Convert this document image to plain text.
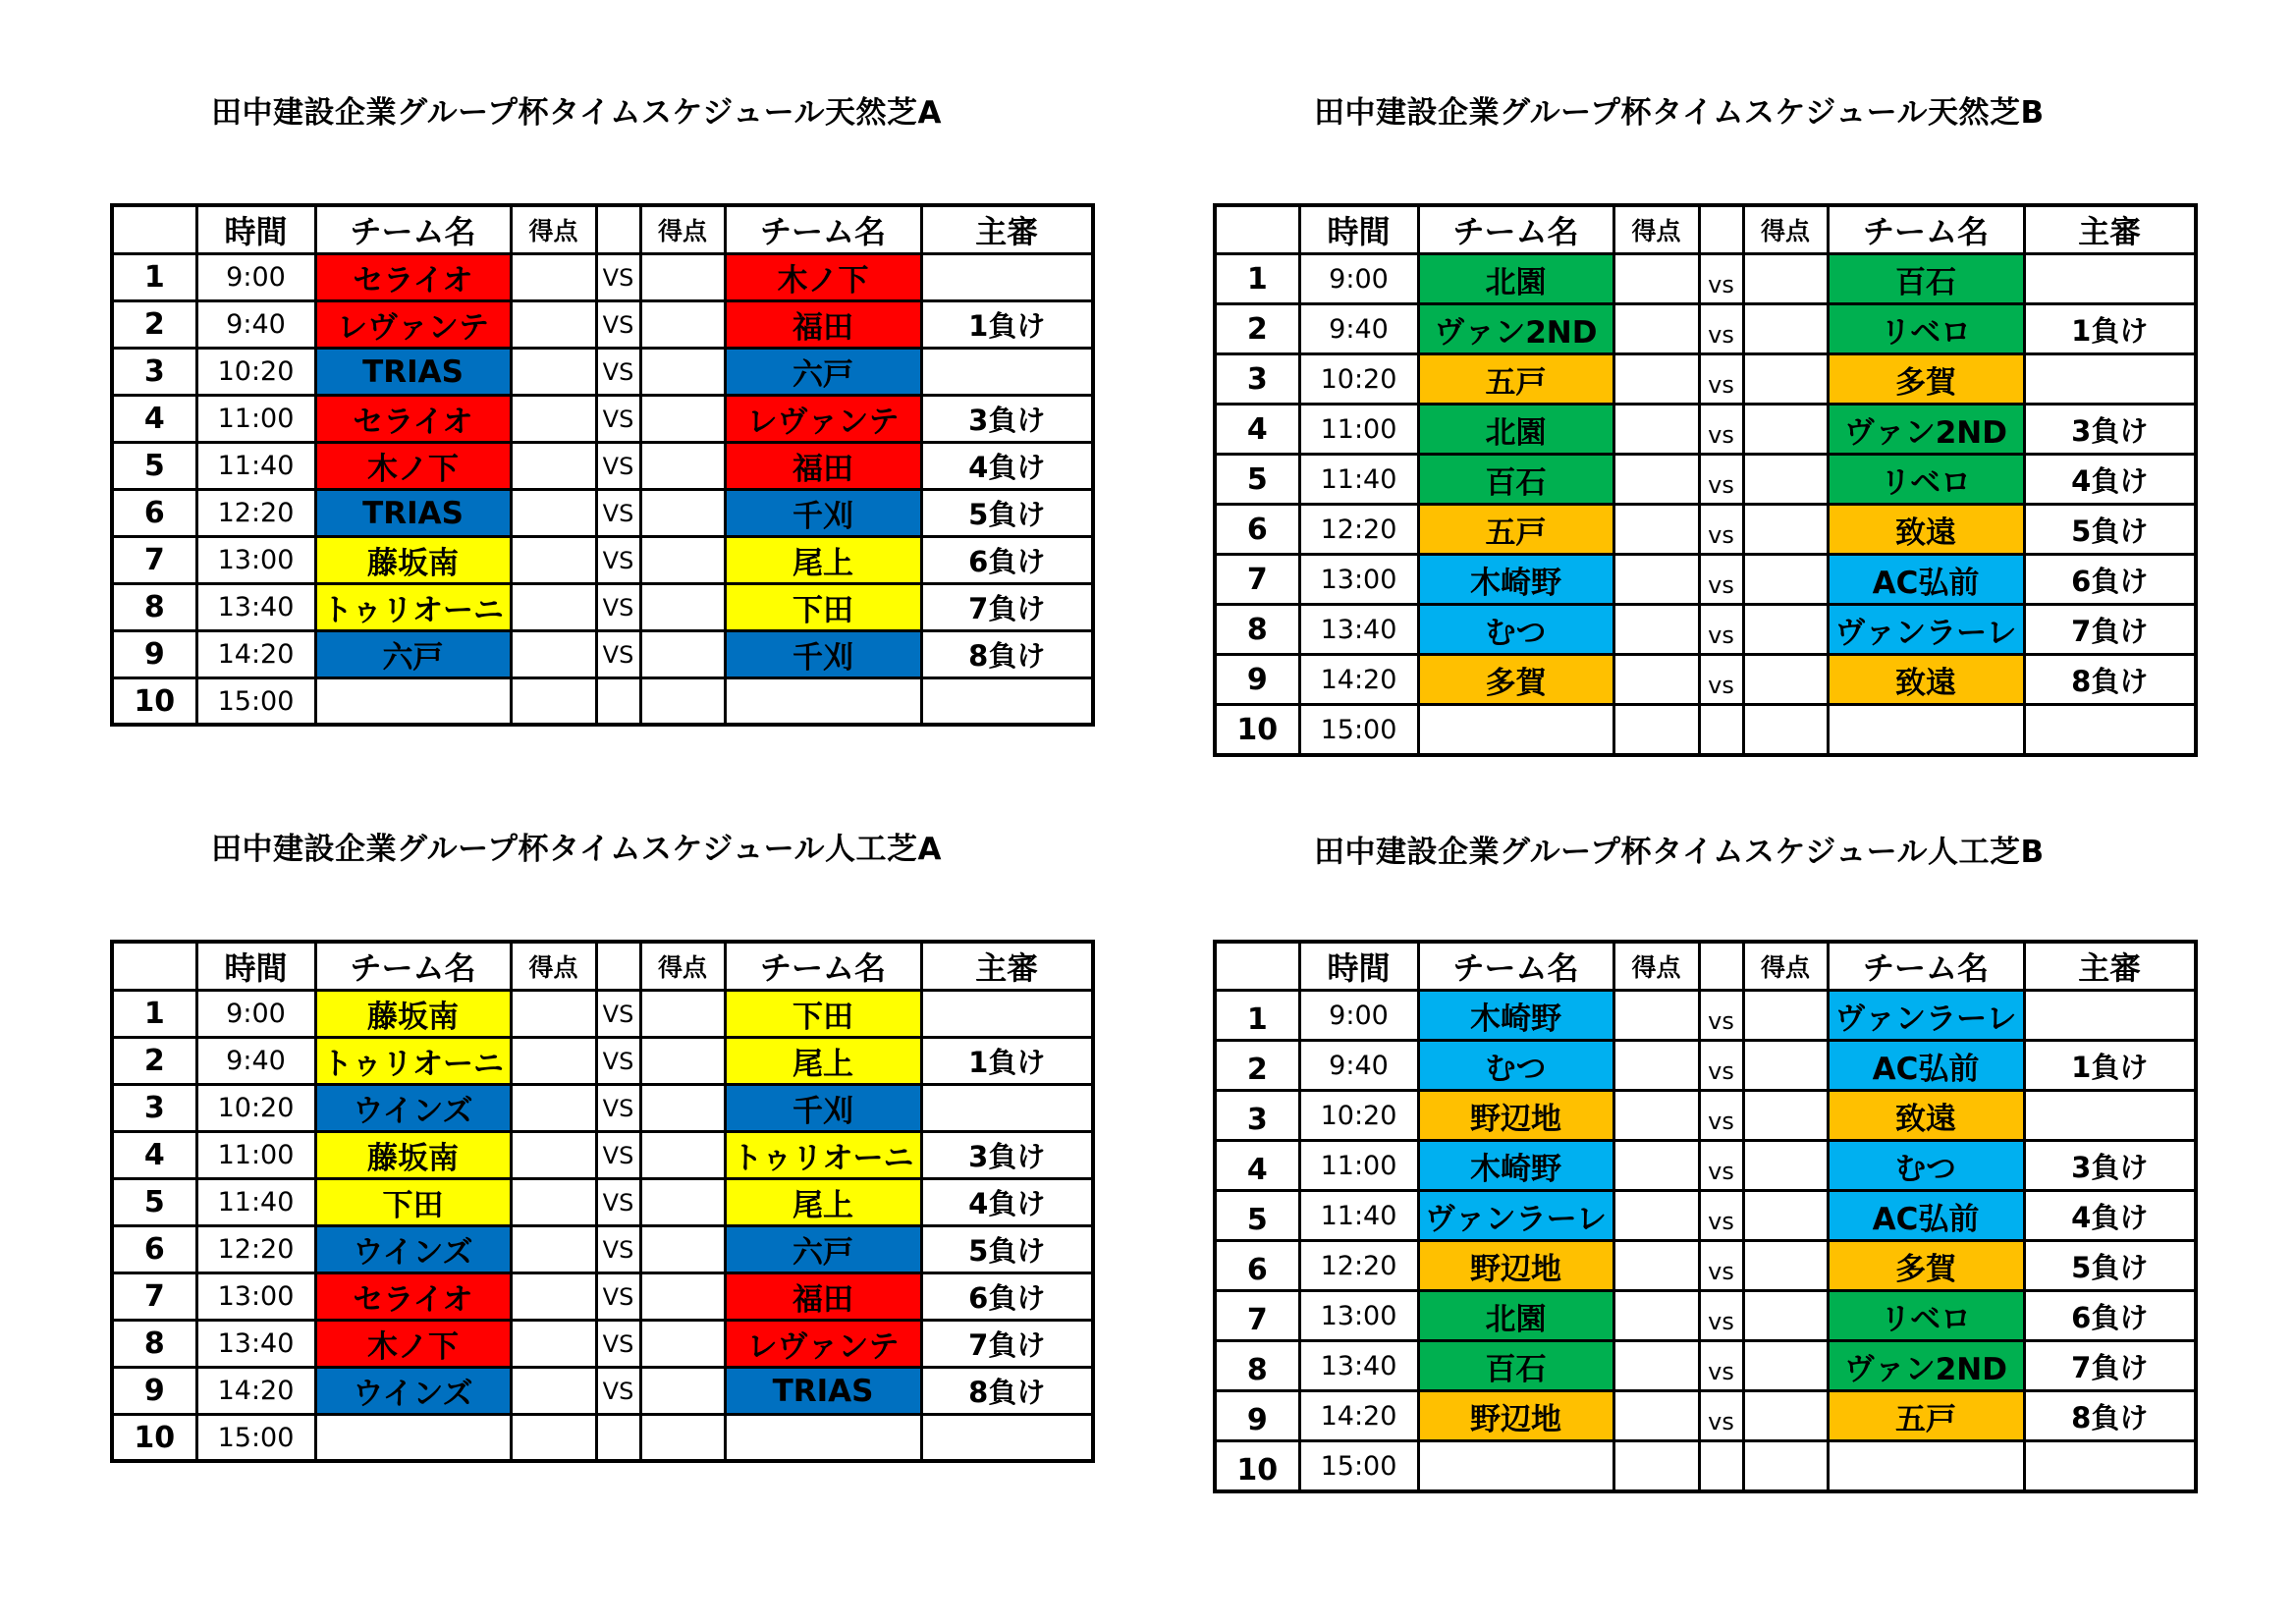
田中建設企業グループ杯タイムスケジュール天然芝A
	時間	チーム名	得点		得点	チーム名	主審
1	9:00	セライオ		VS		木ノ下	
2	9:40	レヴァンテ		VS		福田	1負け
3	10:20	TRIAS		VS		六戸	
4	11:00	セライオ		VS		レヴァンテ	3負け
5	11:40	木ノ下		VS		福田	4負け
6	12:20	TRIAS		VS		千刈	5負け
7	13:00	藤坂南		VS		尾上	6負け
8	13:40	トゥリオーニ		VS		下田	7負け
9	14:20	六戸		VS		千刈	8負け
10	15:00						
田中建設企業グループ杯タイムスケジュール天然芝B
	時間	チーム名	得点		得点	チーム名	主審
1	9:00	北園		vs		百石	
2	9:40	ヴァン2ND		vs		リベロ	1負け
3	10:20	五戸		vs		多賀	
4	11:00	北園		vs		ヴァン2ND	3負け
5	11:40	百石		vs		リベロ	4負け
6	12:20	五戸		vs		致遠	5負け
7	13:00	木崎野		vs		AC弘前	6負け
8	13:40	むつ		vs		ヴァンラーレ	7負け
9	14:20	多賀		vs		致遠	8負け
10	15:00						
田中建設企業グループ杯タイムスケジュール人工芝A
	時間	チーム名	得点		得点	チーム名	主審
1	9:00	藤坂南		VS		下田	
2	9:40	トゥリオーニ		VS		尾上	1負け
3	10:20	ウインズ		VS		千刈	
4	11:00	藤坂南		VS		トゥリオーニ	3負け
5	11:40	下田		VS		尾上	4負け
6	12:20	ウインズ		VS		六戸	5負け
7	13:00	セライオ		VS		福田	6負け
8	13:40	木ノ下		VS		レヴァンテ	7負け
9	14:20	ウインズ		VS		TRIAS	8負け
10	15:00						
田中建設企業グループ杯タイムスケジュール人工芝B
	時間	チーム名	得点		得点	チーム名	主審
1	9:00	木崎野		vs		ヴァンラーレ	
2	9:40	むつ		vs		AC弘前	1負け
3	10:20	野辺地		vs		致遠	
4	11:00	木崎野		vs		むつ	3負け
5	11:40	ヴァンラーレ		vs		AC弘前	4負け
6	12:20	野辺地		vs		多賀	5負け
7	13:00	北園		vs		リベロ	6負け
8	13:40	百石		vs		ヴァン2ND	7負け
9	14:20	野辺地		vs		五戸	8負け
10	15:00						
